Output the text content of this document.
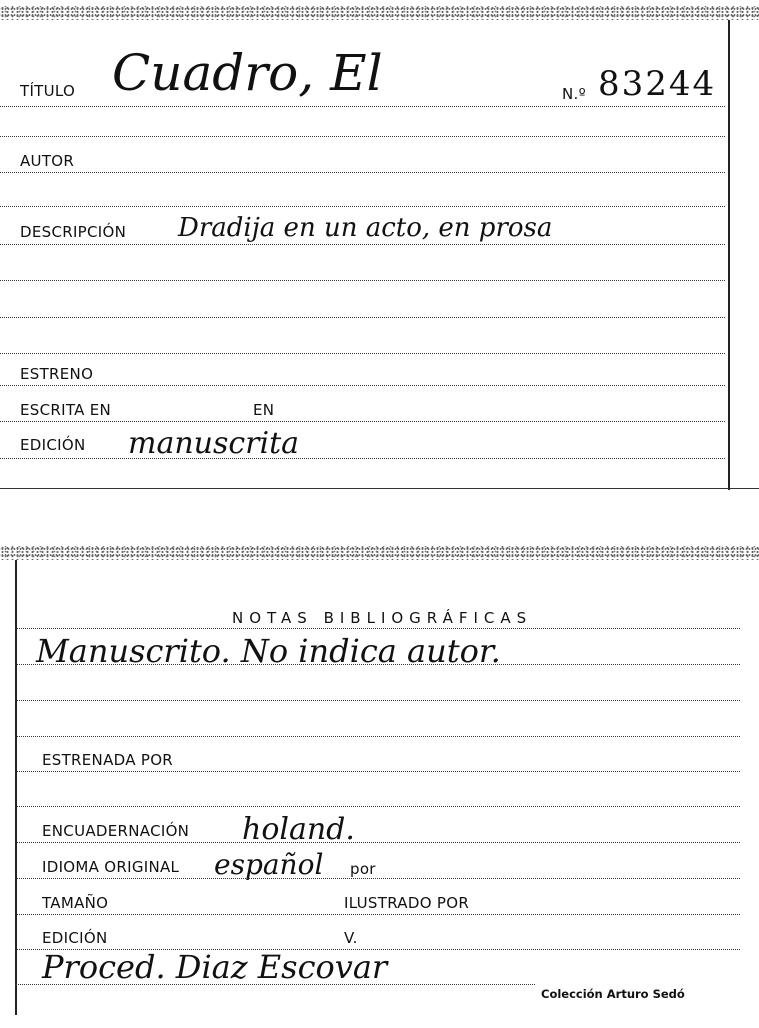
TÍTULO Cuadro, El	N.º 83244
AUTOR
DESCRIPCIÓN Dradija en un acto, en prosa
ESTRENO
ESCRITA EN	EN
EDICIÓN manuscrita
NOTAS BIBLIOGRÁFICAS
Manuscrito. No indica autor.
ESTRENADA POR
ENCUADERNACIÓN holand.
IDIOMA ORIGINAL español por
TAMAÑO	ILUSTRADO POR
EDICIÓN	V.
Proced. Diaz Escovar
Colección Arturo Sedó
